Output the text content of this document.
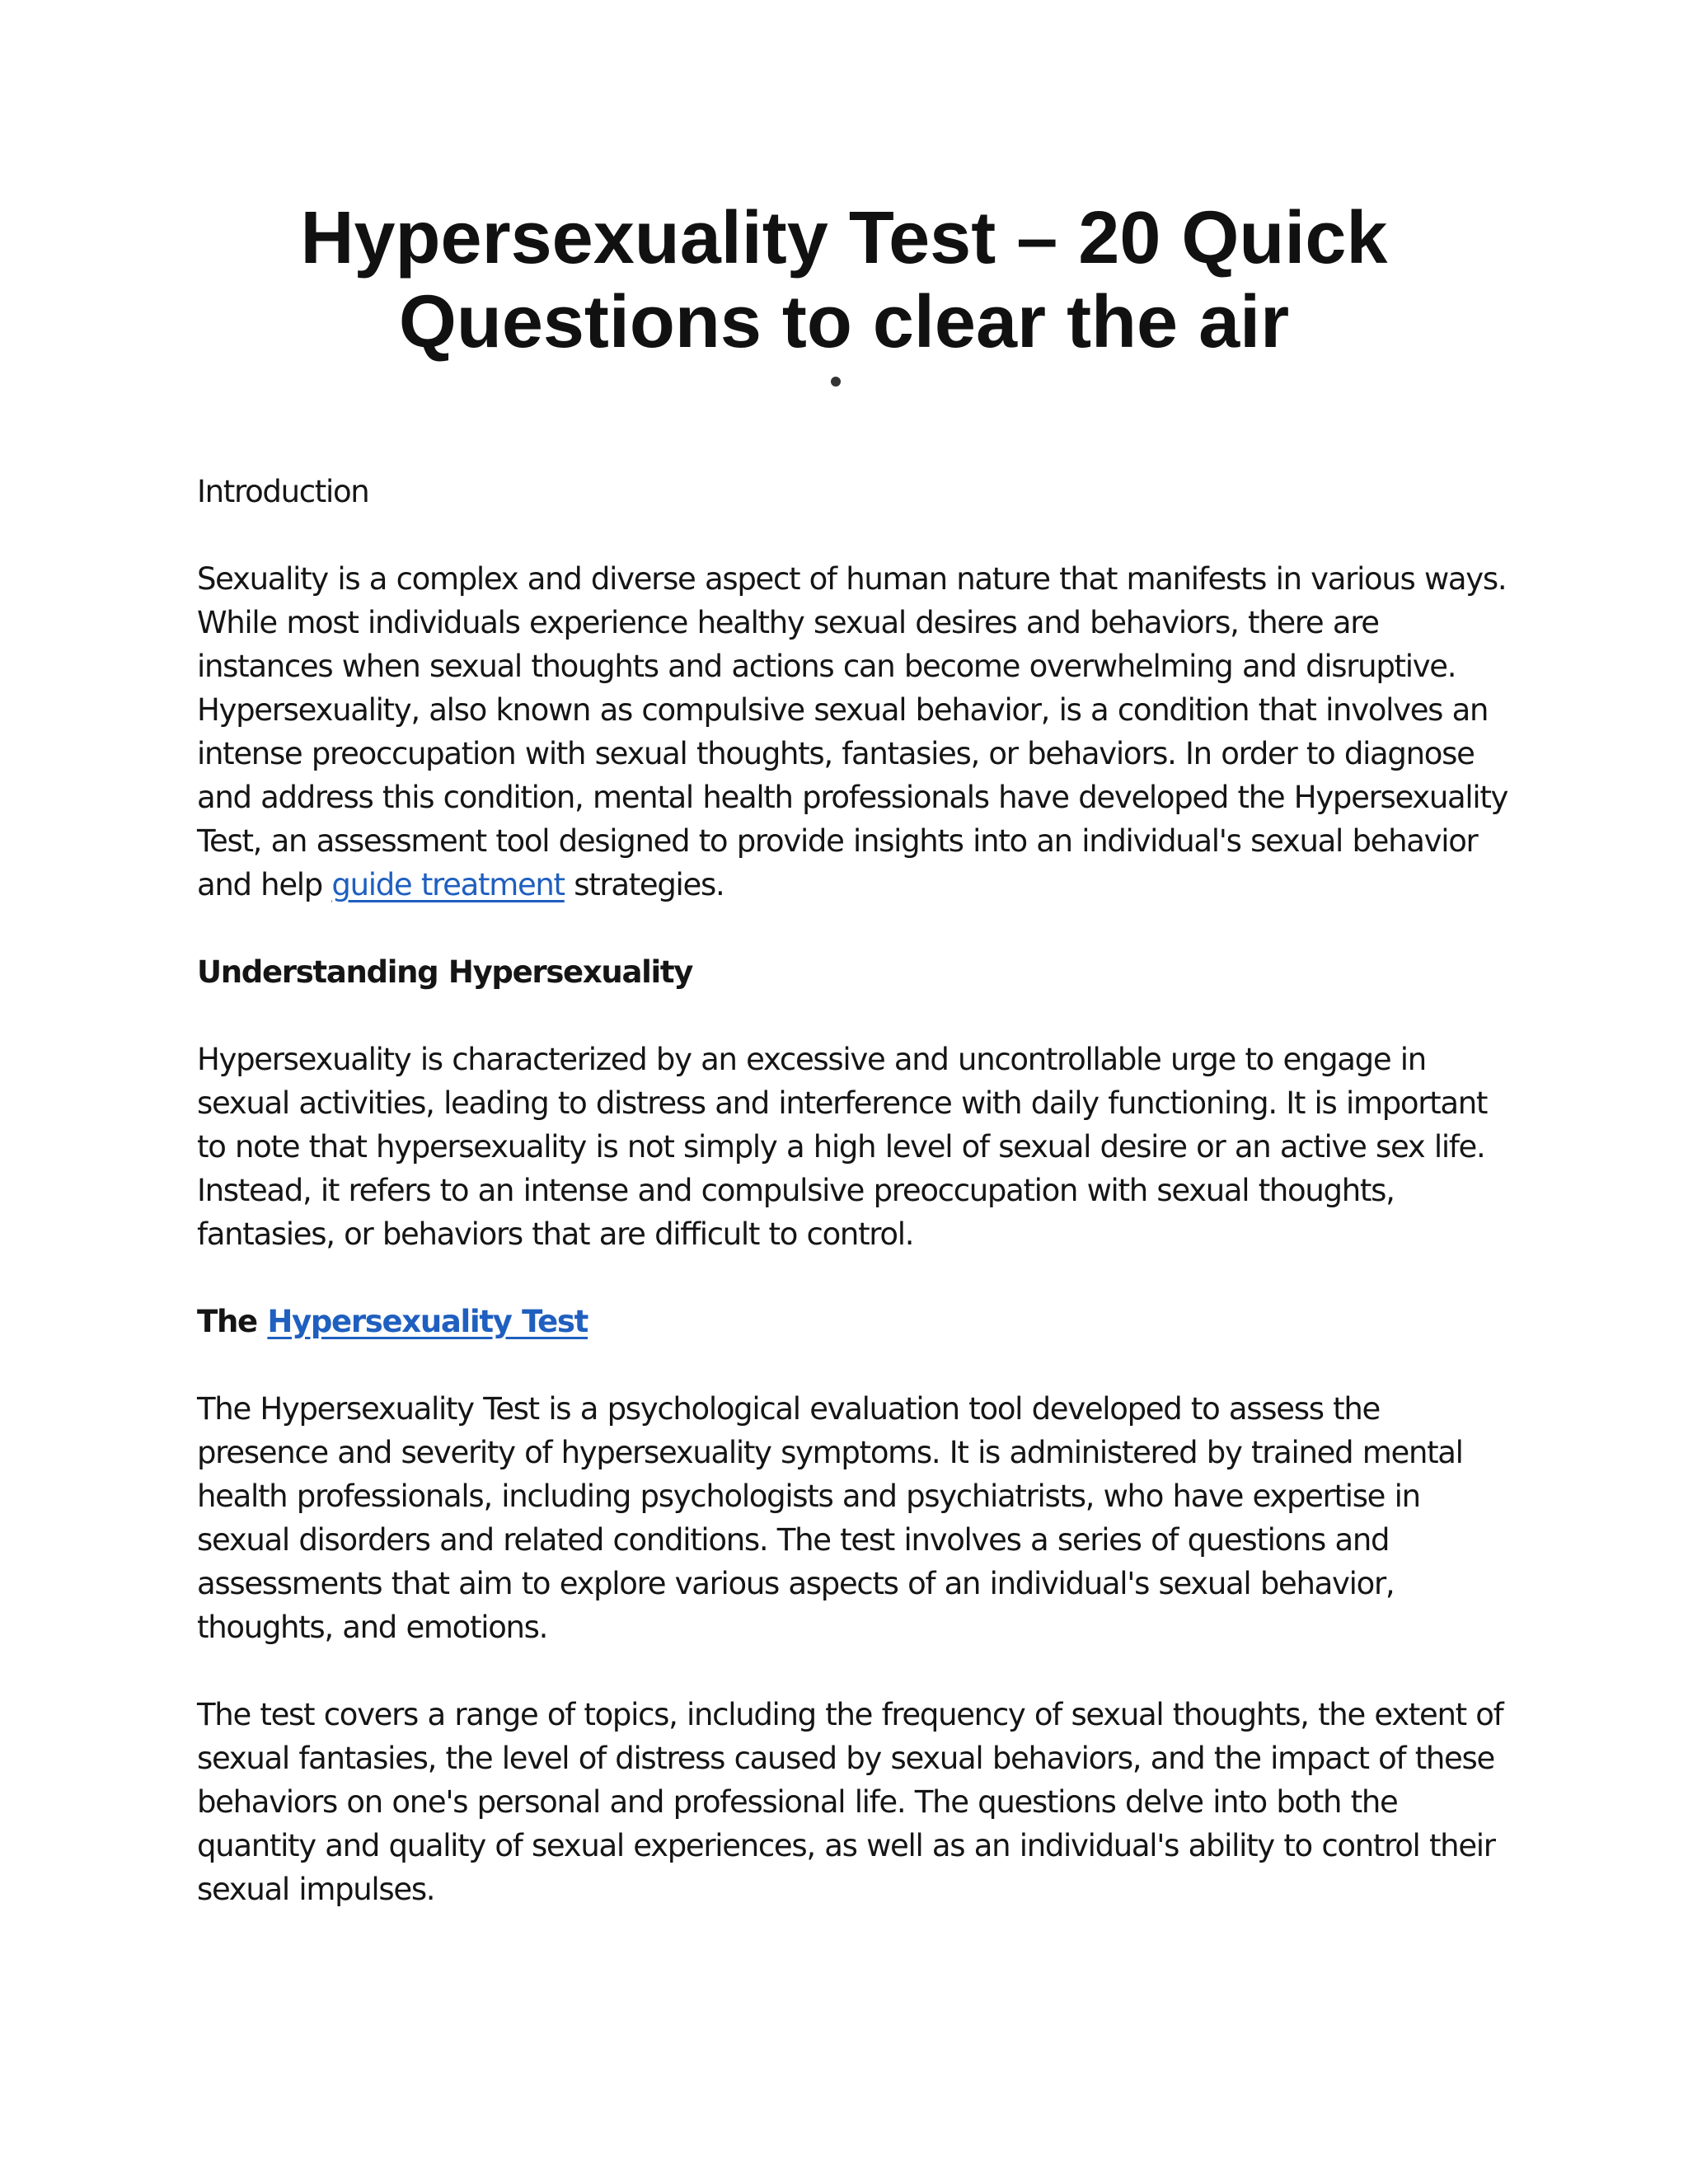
Hypersexuality Test – 20 Quick Questions to clear the air

Introduction

Sexuality is a complex and diverse aspect of human nature that manifests in various ways. While most individuals experience healthy sexual desires and behaviors, there are instances when sexual thoughts and actions can become overwhelming and disruptive. Hypersexuality, also known as compulsive sexual behavior, is a condition that involves an intense preoccupation with sexual thoughts, fantasies, or behaviors. In order to diagnose and address this condition, mental health professionals have developed the Hypersexuality Test, an assessment tool designed to provide insights into an individual's sexual behavior and help guide treatment strategies.

Understanding Hypersexuality

Hypersexuality is characterized by an excessive and uncontrollable urge to engage in sexual activities, leading to distress and interference with daily functioning. It is important to note that hypersexuality is not simply a high level of sexual desire or an active sex life. Instead, it refers to an intense and compulsive preoccupation with sexual thoughts, fantasies, or behaviors that are difficult to control.

The Hypersexuality Test

The Hypersexuality Test is a psychological evaluation tool developed to assess the presence and severity of hypersexuality symptoms. It is administered by trained mental health professionals, including psychologists and psychiatrists, who have expertise in sexual disorders and related conditions. The test involves a series of questions and assessments that aim to explore various aspects of an individual's sexual behavior, thoughts, and emotions.

The test covers a range of topics, including the frequency of sexual thoughts, the extent of sexual fantasies, the level of distress caused by sexual behaviors, and the impact of these behaviors on one's personal and professional life. The questions delve into both the quantity and quality of sexual experiences, as well as an individual's ability to control their sexual impulses.
